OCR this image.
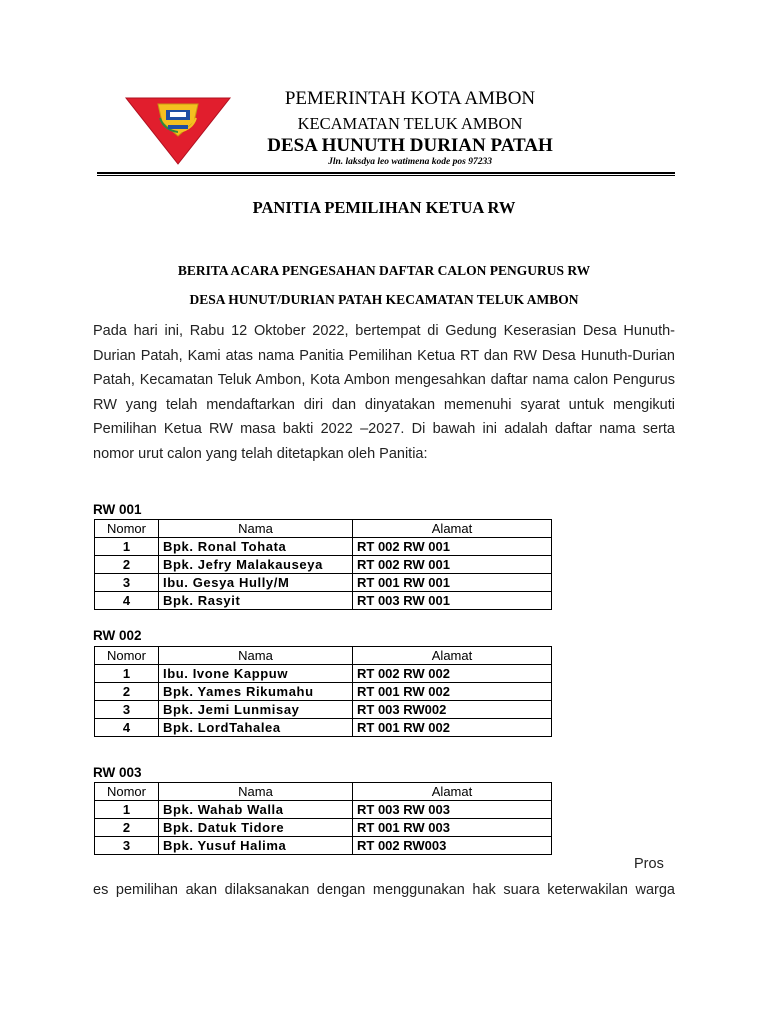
PEMERINTAH KOTA AMBON
KECAMATAN TELUK AMBON
DESA HUNUTH DURIAN PATAH
Jln. laksdya leo watimena kode pos 97233
PANITIA PEMILIHAN KETUA RW
BERITA ACARA PENGESAHAN DAFTAR CALON PENGURUS RW
DESA HUNUT/DURIAN PATAH KECAMATAN TELUK AMBON
Pada hari ini, Rabu 12 Oktober 2022, bertempat di Gedung Keserasian Desa Hunuth-Durian Patah, Kami atas nama Panitia Pemilihan Ketua RT dan RW Desa Hunuth-Durian Patah, Kecamatan Teluk Ambon, Kota Ambon mengesahkan daftar nama calon Pengurus RW yang telah mendaftarkan diri dan dinyatakan memenuhi syarat untuk mengikuti Pemilihan Ketua RW masa bakti 2022 –2027. Di bawah ini adalah daftar nama serta nomor urut calon yang telah ditetapkan oleh Panitia:
RW 001
Nomor	Nama	Alamat
1	Bpk. Ronal Tohata	RT 002 RW 001
2	Bpk. Jefry Malakauseya	RT 002 RW 001
3	Ibu. Gesya Hully/M	RT 001 RW 001
4	Bpk. Rasyit	RT 003 RW 001
RW 002
Nomor	Nama	Alamat
1	Ibu. Ivone Kappuw	RT 002 RW 002
2	Bpk. Yames Rikumahu	RT 001 RW 002
3	Bpk. Jemi Lunmisay	RT 003 RW002
4	Bpk. LordTahalea	RT 001 RW 002
RW 003
Nomor	Nama	Alamat
1	Bpk. Wahab Walla	RT 003 RW 003
2	Bpk. Datuk Tidore	RT 001 RW 003
3	Bpk. Yusuf Halima	RT 002 RW003
Pros
es pemilihan akan dilaksanakan dengan menggunakan hak suara keterwakilan warga
